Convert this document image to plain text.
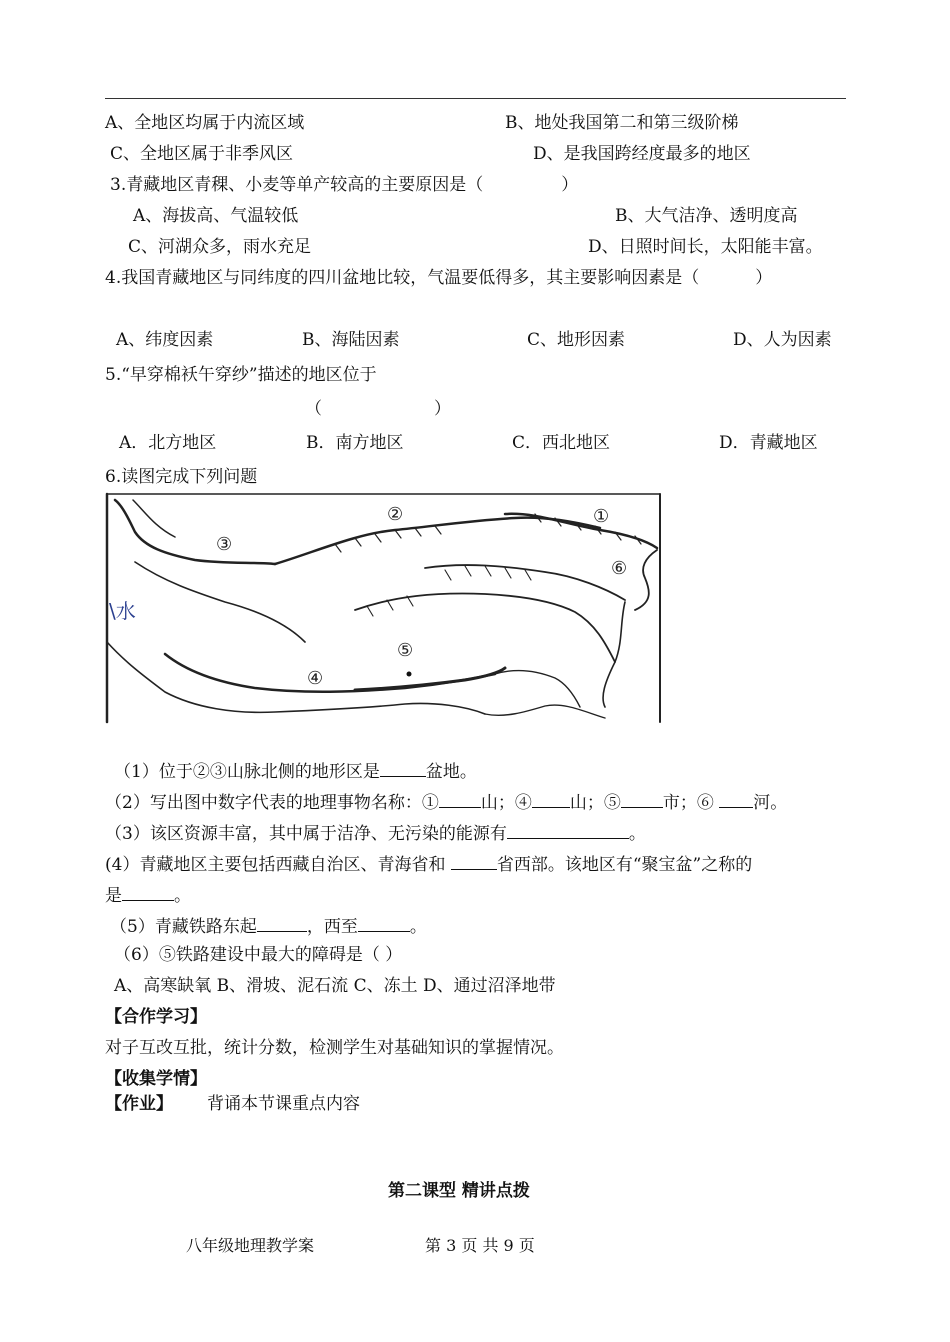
A、全地区均属于内流区域	B、地处我国第二和第三级阶梯
C、全地区属于非季风区	D、是我国跨经度最多的地区
3.青藏地区青稞、小麦等单产较高的主要原因是（	）
A、海拔高、气温较低	B、大气洁净、透明度高
C、河湖众多，雨水充足	D、日照时间长，太阳能丰富。
4.我国青藏地区与同纬度的四川盆地比较，气温要低得多，其主要影响因素是（	）
A、纬度因素	B、海陆因素	C、地形因素	D、人为因素
5.“早穿棉袄午穿纱”描述的地区位于
（	）
A．北方地区	B．南方地区	C．西北地区	D．青藏地区
6.读图完成下列问题
②	①
③
⑥
⑤
④
\水
（1）位于②③山脉北侧的地形区是	盆地。
（2）写出图中数字代表的地理事物名称：① 山；④ 山；⑤ 市；⑥ 河。
（3）该区资源丰富，其中属于洁净、无污染的能源有	。
(4）青藏地区主要包括西藏自治区、青海省和	省西部。该地区有“聚宝盆”之称的
是	。
（5）青藏铁路东起	，西至	。
（6）⑤铁路建设中最大的障碍是（ ）
A、高寒缺氧 B、滑坡、泥石流 C、冻土 D、通过沼泽地带
【合作学习】
对子互改互批，统计分数，检测学生对基础知识的掌握情况。
【收集学情】
【作业】 背诵本节课重点内容
第二课型 精讲点拨
八年级地理教学案	第 3 页 共 9 页
